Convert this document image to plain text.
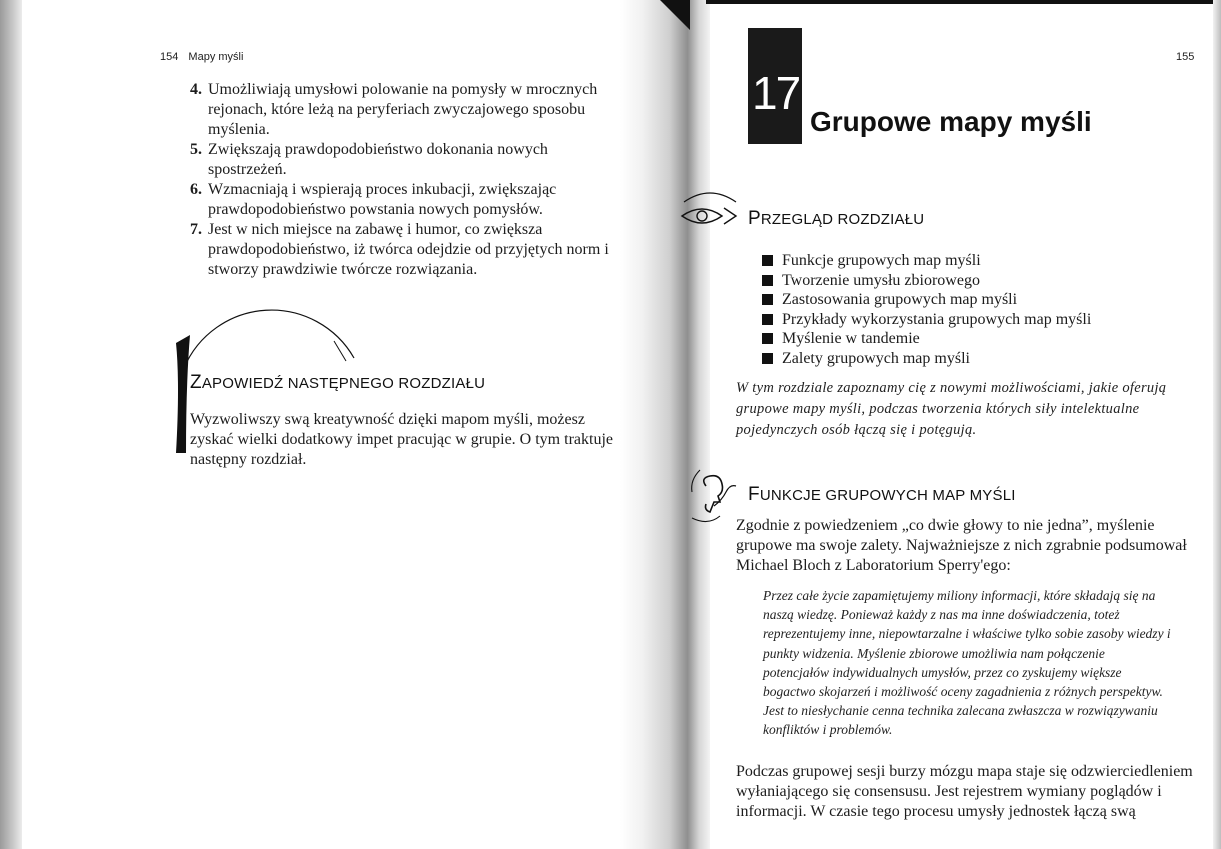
154 Mapy myśli
4 . Umożliwiają umysłowi polowanie na pomysły w mrocznych rejonach, które leżą na peryferiach zwyczajowego sposobu myślenia.
5 . Zwiększają prawdopodobieństwo dokonania nowych spostrzeżeń.
6 . Wzmacniają i wspierają proces inkubacji, zwiększając prawdopodobieństwo powstania nowych pomysłów.
7 . Jest w nich miejsce na zabawę i humor, co zwiększa prawdopodobieństwo, iż twórca odejdzie od przyjętych norm i stworzy prawdziwie twórcze rozwiązania.
ZAPOWIEDŹ NASTĘPNEGO ROZDZIAŁU

Wyzwoliwszy swą kreatywność dzięki mapom myśli, możesz zyskać wielki dodatkowy impet pracując w grupie. O tym traktuje następny rozdział.

155
17
Grupowe mapy myśli
PRZEGLĄD ROZDZIAŁU
Funkcje grupowych map myśli
Tworzenie umysłu zbiorowego
Zastosowania grupowych map myśli
Przykłady wykorzystania grupowych map myśli
Myślenie w tandemie
Zalety grupowych map myśli

W tym rozdziale zapoznamy cię z nowymi możliwościami, jakie oferują grupowe mapy myśli, podczas tworzenia których siły intelektualne pojedynczych osób łączą się i potęgują.

FUNKCJE GRUPOWYCH MAP MYŚLI

Zgodnie z powiedzeniem „co dwie głowy to nie jedna”, myślenie grupowe ma swoje zalety. Najważniejsze z nich zgrabnie podsumował Michael Bloch z Laboratorium Sperry'ego:

Przez całe życie zapamiętujemy miliony informacji, które składają się na naszą wiedzę. Ponieważ każdy z nas ma inne doświadczenia, toteż reprezentujemy inne, niepowtarzalne i właściwe tylko sobie zasoby wiedzy i punkty widzenia. Myślenie zbiorowe umożliwia nam połączenie potencjałów indywidualnych umysłów, przez co zyskujemy większe bogactwo skojarzeń i możliwość oceny zagadnienia z różnych perspektyw. Jest to niesłychanie cenna technika zalecana zwłaszcza w rozwiązywaniu konfliktów i problemów.

Podczas grupowej sesji burzy mózgu mapa staje się odzwierciedleniem wyłaniającego się consensusu. Jest rejestrem wymiany poglądów i informacji. W czasie tego procesu umysły jednostek łączą swą
